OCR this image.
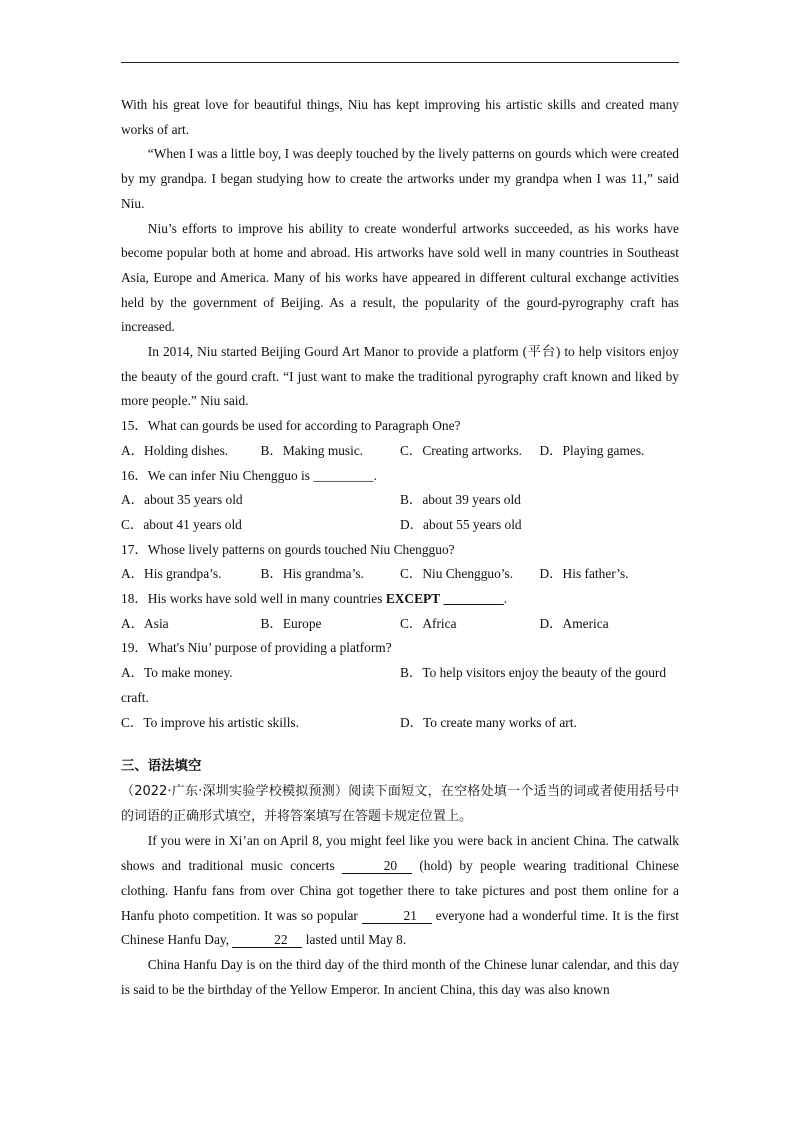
With his great love for beautiful things, Niu has kept improving his artistic skills and created many works of art.

“When I was a little boy, I was deeply touched by the lively patterns on gourds which were created by my grandpa. I began studying how to create the artworks under my grandpa when I was 11,” said Niu.

Niu’s efforts to improve his ability to create wonderful artworks succeeded, as his works have become popular both at home and abroad. His artworks have sold well in many countries in Southeast Asia, Europe and America. Many of his works have appeared in different cultural exchange activities held by the government of Beijing. As a result, the popularity of the gourd-pyrography craft has increased.

In 2014, Niu started Beijing Gourd Art Manor to provide a platform (平台) to help visitors enjoy the beauty of the gourd craft. “I just want to make the traditional pyrography craft known and liked by more people.” Niu said.

15．What can gourds be used for according to Paragraph One?

A．Holding dishes.	B．Making music.	C．Creating artworks.	D．Playing games.

16．We can infer Niu Chengguo is _________.

A．about 35 years old	B．about 39 years old
C．about 41 years old	D．about 55 years old

17．Whose lively patterns on gourds touched Niu Chengguo?

A．His grandpa’s.	B．His grandma’s.	C．Niu Chengguo’s.	D．His father’s.

18．His works have sold well in many countries EXCEPT _________.

A．Asia	B．Europe	C．Africa	D．America

19．What's Niu’ purpose of providing a platform?

A．To make money.	B．To help visitors enjoy the beauty of the gourd

craft.

C．To improve his artistic skills.	D．To create many works of art.

三、语法填空

（2022·广东·深圳实验学校模拟预测）阅读下面短文，在空格处填一个适当的词或者使用括号中的词语的正确形式填空，并将答案填写在答题卡规定位置上。

If you were in Xi’an on April 8, you might feel like you were back in ancient China. The catwalk shows and traditional music concerts	20 (hold) by people wearing traditional Chinese clothing. Hanfu fans from over China got together there to take pictures and post them online for a Hanfu photo competition. It was so popular	21 everyone had a wonderful time. It is the first Chinese Hanfu Day,	22 lasted until May 8.

China Hanfu Day is on the third day of the third month of the Chinese lunar calendar, and this day is said to be the birthday of the Yellow Emperor. In ancient China, this day was also known
